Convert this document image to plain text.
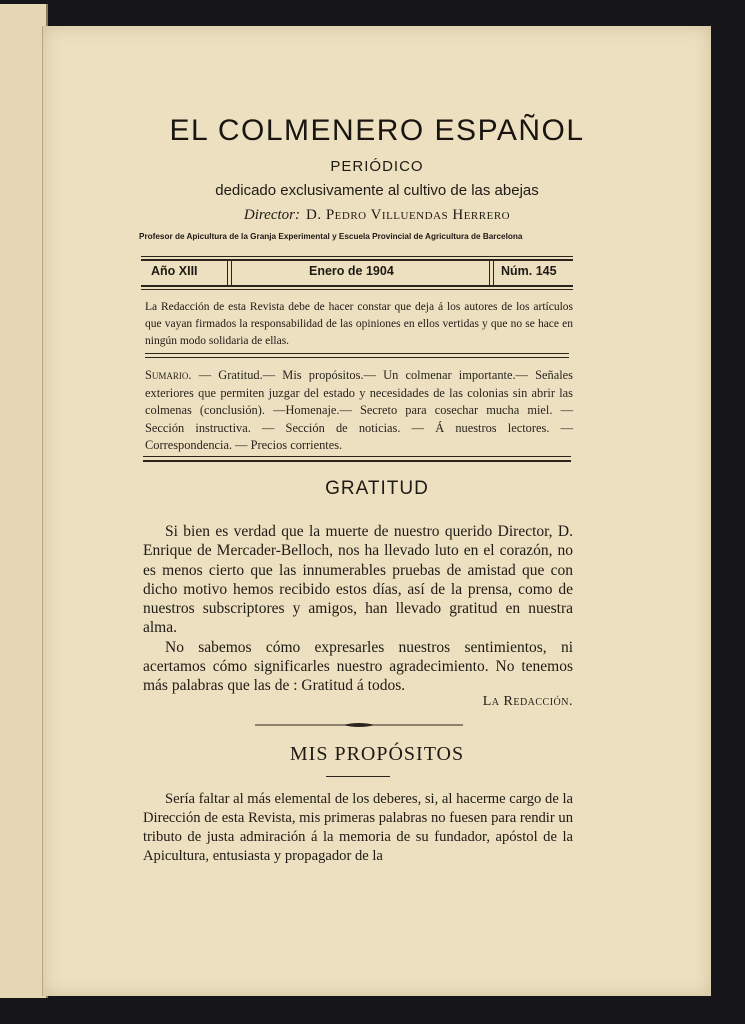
EL COLMENERO ESPAÑOL
PERIÓDICO
dedicado exclusivamente al cultivo de las abejas
Director: D. Pedro Villuendas Herrero
Profesor de Apicultura de la Granja Experimental y Escuela Provincial de Agricultura de Barcelona
Año XIII	Enero de 1904	Núm. 145
La Redacción de esta Revista debe de hacer constar que deja á los autores de los artículos que vayan firmados la responsabilidad de las opiniones en ellos vertidas y que no se hace en ningún modo solidaria de ellas.
Sumario. — Gratitud.— Mis propósitos.— Un colmenar importante.— Señales exteriores que permiten juzgar del estado y necesidades de las colonias sin abrir las colmenas (conclusión). —Homenaje.— Secreto para cosechar mucha miel. — Sección instructiva. — Sección de noticias. — Á nuestros lectores. — Correspondencia. — Precios corrientes.
GRATITUD

Si bien es verdad que la muerte de nuestro querido Director, D. Enrique de Mercader-Belloch, nos ha llevado luto en el corazón, no es menos cierto que las innumerables pruebas de amistad que con dicho motivo hemos recibido estos días, así de la prensa, como de nuestros subscriptores y amigos, han llevado gratitud en nuestra alma.

No sabemos cómo expresarles nuestros sentimientos, ni acertamos cómo significarles nuestro agradecimiento. No tenemos más palabras que las de : Gratitud á todos.

La Redacción.
MIS PROPÓSITOS

Sería faltar al más elemental de los deberes, si, al hacerme cargo de la Dirección de esta Revista, mis primeras palabras no fuesen para rendir un tributo de justa admiración á la memoria de su fundador, apóstol de la Apicultura, entusiasta y propagador de la
